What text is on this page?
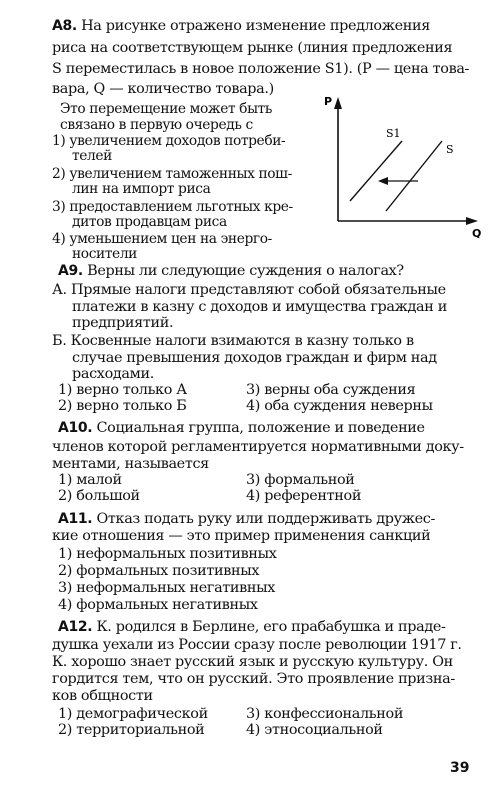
А8. На рисунке отражено изменение предложения
риса на соответствующем рынке (линия предложения
S переместилась в новое положение S1). (P — цена това-
вара, Q — количество товара.)
Это перемещение может быть
связано в первую очередь с
1) увеличением доходов потреби-
телей
2) увеличением таможенных пош-
лин на импорт риса
3) предоставлением льготных кре-
дитов продавцам риса
4) уменьшением цен на энерго-
носители
P
Q
S1
S
А9. Верны ли следующие суждения о налогах?
А. Прямые налоги представляют собой обязательные
платежи в казну с доходов и имущества граждан и
предприятий.
Б. Косвенные налоги взимаются в казну только в
случае превышения доходов граждан и фирм над
расходами.
1) верно только А
2) верно только Б
3) верны оба суждения
4) оба суждения неверны
А10. Социальная группа, положение и поведение
членов которой регламентируется нормативными доку-
ментами, называется
1) малой
2) большой
3) формальной
4) референтной
А11. Отказ подать руку или поддерживать дружес-
кие отношения — это пример применения санкций
1) неформальных позитивных
2) формальных позитивных
3) неформальных негативных
4) формальных негативных
А12. К. родился в Берлине, его прабабушка и праде-
душка уехали из России сразу после революции 1917 г.
К. хорошо знает русский язык и русскую культуру. Он
гордится тем, что он русский. Это проявление призна-
ков общности
1) демографической
2) территориальной
3) конфессиональной
4) этносоциальной
39
